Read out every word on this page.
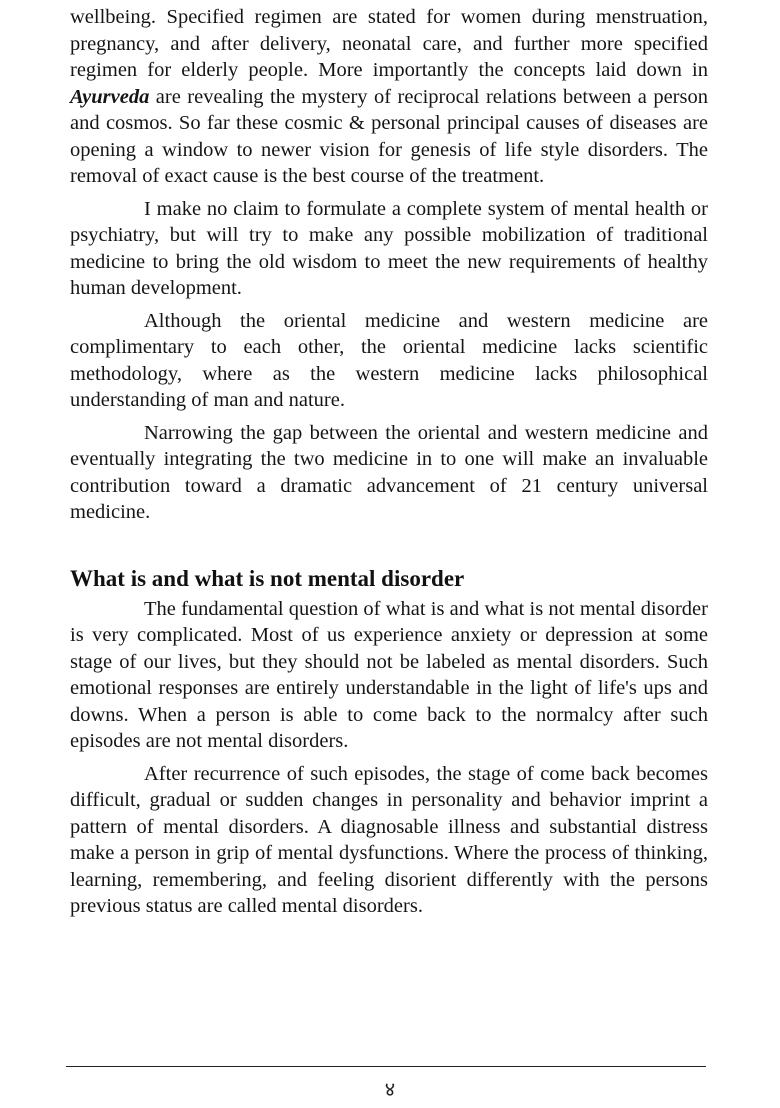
wellbeing. Specified regimen are stated for women during menstruation, pregnancy, and after delivery, neonatal care, and further more specified regimen for elderly people. More importantly the concepts laid down in Ayurveda are revealing the mystery of reciprocal relations between a person and cosmos. So far these cosmic & personal principal causes of diseases are opening a window to newer vision for genesis of life style disorders. The removal of exact cause is the best course of the treatment.

I make no claim to formulate a complete system of mental health or psychiatry, but will try to make any possible mobilization of traditional medicine to bring the old wisdom to meet the new requirements of healthy human development.

Although the oriental medicine and western medicine are complimentary to each other, the oriental medicine lacks scientific methodology, where as the western medicine lacks philosophical understanding of man and nature.

Narrowing the gap between the oriental and western medicine and eventually integrating the two medicine in to one will make an invaluable contribution toward a dramatic advancement of 21 century universal medicine.

What is and what is not mental disorder

The fundamental question of what is and what is not mental disorder is very complicated. Most of us experience anxiety or depression at some stage of our lives, but they should not be labeled as mental disorders. Such emotional responses are entirely understandable in the light of life's ups and downs. When a person is able to come back to the normalcy after such episodes are not mental disorders.

After recurrence of such episodes, the stage of come back becomes difficult, gradual or sudden changes in personality and behavior imprint a pattern of mental disorders. A diagnosable illness and substantial distress make a person in grip of mental dysfunctions. Where the process of thinking, learning, remembering, and feeling disorient differently with the persons previous status are called mental disorders.

४
